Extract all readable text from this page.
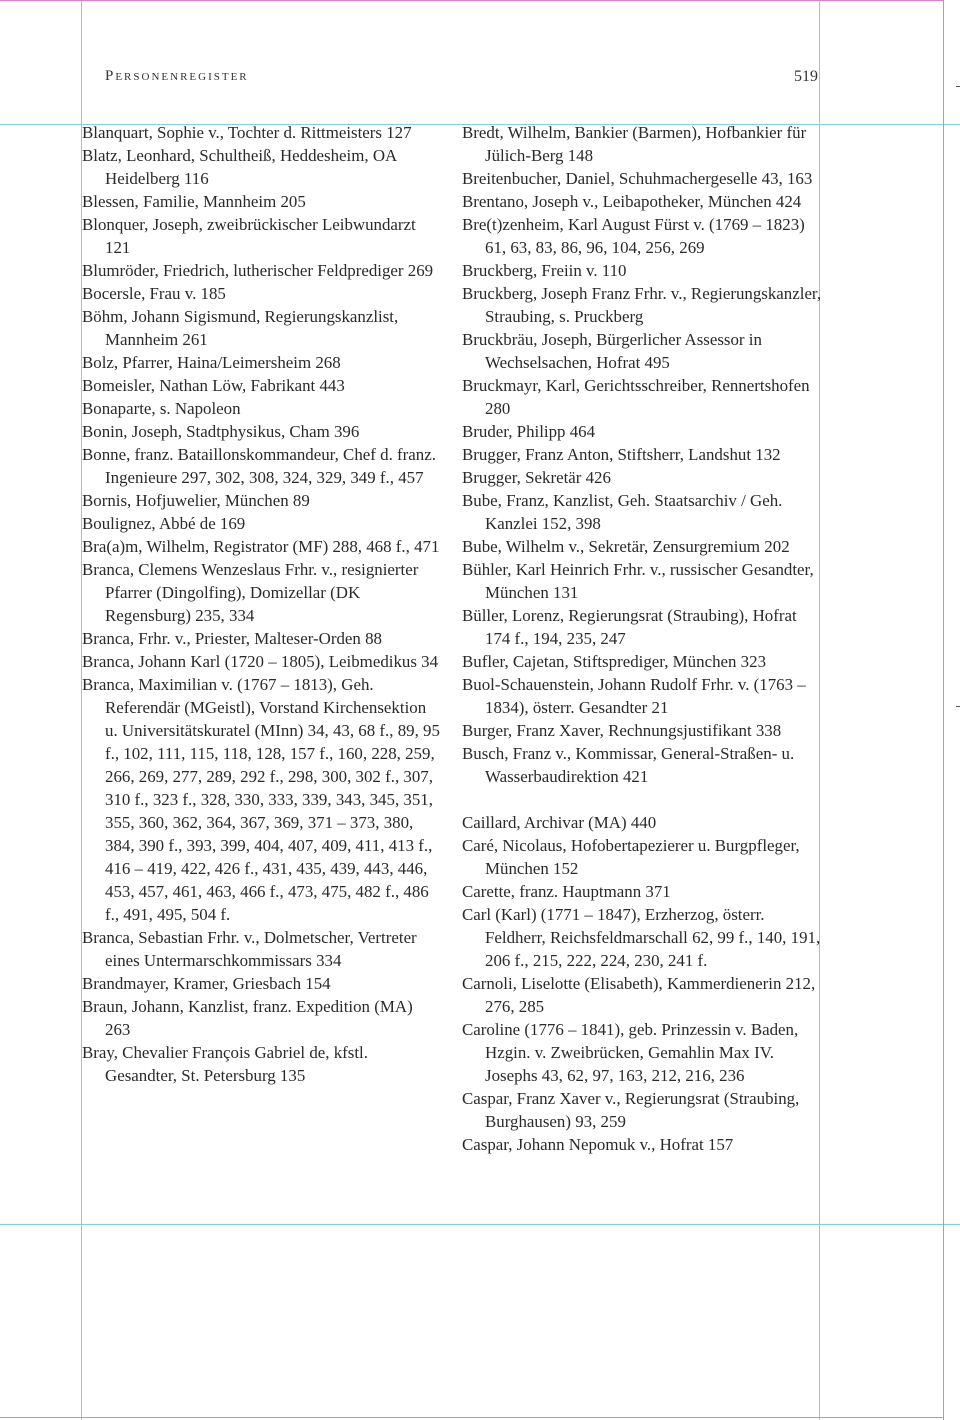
Personenregister	519

Blanquart, Sophie v., Tochter d. Rittmeisters 127

Blatz, Leonhard, Schultheiß, Heddesheim, OA Heidelberg 116

Blessen, Familie, Mannheim 205

Blonquer, Joseph, zweibrückischer Leibwundarzt 121

Blumröder, Friedrich, lutherischer Feldprediger 269

Bocersle, Frau v. 185

Böhm, Johann Sigismund, Regierungskanzlist, Mannheim 261

Bolz, Pfarrer, Haina/Leimersheim 268

Bomeisler, Nathan Löw, Fabrikant 443

Bonaparte, s. Napoleon

Bonin, Joseph, Stadtphysikus, Cham 396

Bonne, franz. Bataillonskommandeur, Chef d. franz. Ingenieure 297, 302, 308, 324, 329, 349 f., 457

Bornis, Hofjuwelier, München 89

Boulignez, Abbé de 169

Bra(a)m, Wilhelm, Registrator (MF) 288, 468 f., 471

Branca, Clemens Wenzeslaus Frhr. v., resignierter Pfarrer (Dingolfing), Domizellar (DK Regensburg) 235, 334

Branca, Frhr. v., Priester, Malteser-Orden 88

Branca, Johann Karl (1720 – 1805), Leibmedikus 34

Branca, Maximilian v. (1767 – 1813), Geh. Referendär (MGeistl), Vorstand Kirchensektion u. Universitätskuratel (MInn) 34, 43, 68 f., 89, 95 f., 102, 111, 115, 118, 128, 157 f., 160, 228, 259, 266, 269, 277, 289, 292 f., 298, 300, 302 f., 307, 310 f., 323 f., 328, 330, 333, 339, 343, 345, 351, 355, 360, 362, 364, 367, 369, 371 – 373, 380, 384, 390 f., 393, 399, 404, 407, 409, 411, 413 f., 416 – 419, 422, 426 f., 431, 435, 439, 443, 446, 453, 457, 461, 463, 466 f., 473, 475, 482 f., 486 f., 491, 495, 504 f.

Branca, Sebastian Frhr. v., Dolmetscher, Vertreter eines Untermarschkommissars 334

Brandmayer, Kramer, Griesbach 154

Braun, Johann, Kanzlist, franz. Expedition (MA) 263

Bray, Chevalier François Gabriel de, kfstl. Gesandter, St. Petersburg 135

Bredt, Wilhelm, Bankier (Barmen), Hofbankier für Jülich-Berg 148

Breitenbucher, Daniel, Schuhmachergeselle 43, 163

Brentano, Joseph v., Leibapotheker, München 424

Bre(t)zenheim, Karl August Fürst v. (1769 – 1823) 61, 63, 83, 86, 96, 104, 256, 269

Bruckberg, Freiin v. 110

Bruckberg, Joseph Franz Frhr. v., Regierungskanzler, Straubing, s. Pruckberg

Bruckbräu, Joseph, Bürgerlicher Assessor in Wechselsachen, Hofrat 495

Bruckmayr, Karl, Gerichtsschreiber, Rennertshofen 280

Bruder, Philipp 464

Brugger, Franz Anton, Stiftsherr, Landshut 132

Brugger, Sekretär 426

Bube, Franz, Kanzlist, Geh. Staatsarchiv / Geh. Kanzlei 152, 398

Bube, Wilhelm v., Sekretär, Zensurgremium 202

Bühler, Karl Heinrich Frhr. v., russischer Gesandter, München 131

Büller, Lorenz, Regierungsrat (Straubing), Hofrat 174 f., 194, 235, 247

Bufler, Cajetan, Stiftsprediger, München 323

Buol-Schauenstein, Johann Rudolf Frhr. v. (1763 – 1834), österr. Gesandter 21

Burger, Franz Xaver, Rechnungsjustifikant 338

Busch, Franz v., Kommissar, General-Straßen- u. Wasserbaudirektion 421

Caillard, Archivar (MA) 440

Caré, Nicolaus, Hofobertapezierer u. Burgpfleger, München 152

Carette, franz. Hauptmann 371

Carl (Karl) (1771 – 1847), Erzherzog, österr. Feldherr, Reichsfeldmarschall 62, 99 f., 140, 191, 206 f., 215, 222, 224, 230, 241 f.

Carnoli, Liselotte (Elisabeth), Kammerdienerin 212, 276, 285

Caroline (1776 – 1841), geb. Prinzessin v. Baden, Hzgin. v. Zweibrücken, Gemahlin Max IV. Josephs 43, 62, 97, 163, 212, 216, 236

Caspar, Franz Xaver v., Regierungsrat (Straubing, Burghausen) 93, 259

Caspar, Johann Nepomuk v., Hofrat 157
